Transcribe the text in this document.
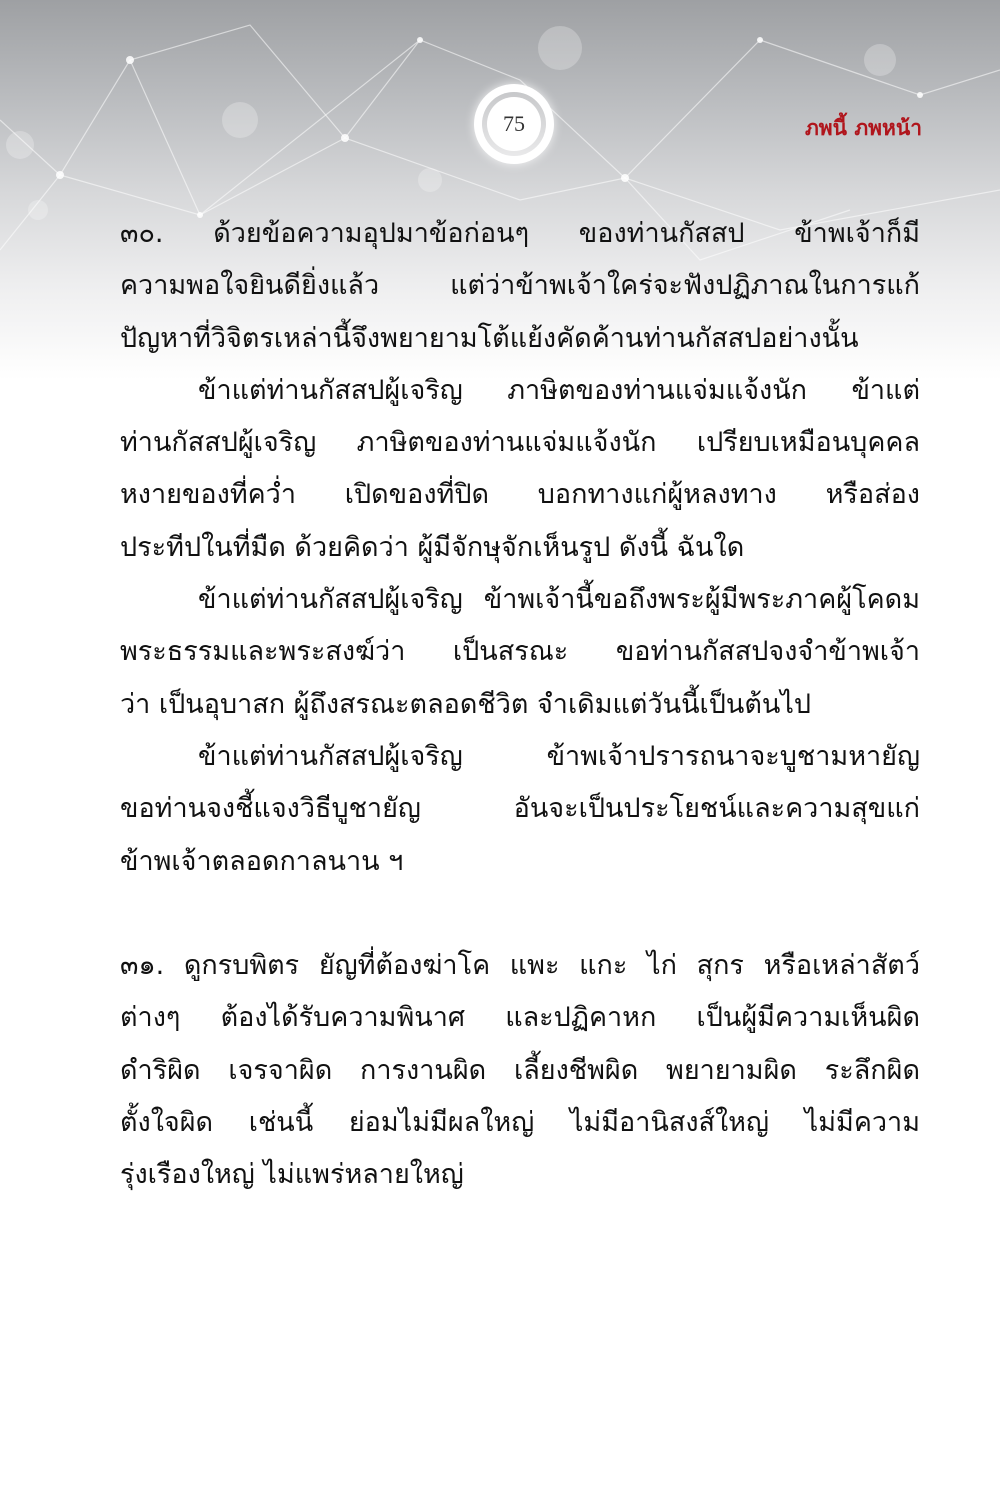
75	ภพนี้ ภพหน้า
๓๐. ด้วยข้อความอุปมาข้อก่อนๆ ของท่านกัสสป ข้าพเจ้าก็มี
ความพอใจยินดียิ่งแล้ว แต่ว่าข้าพเจ้าใคร่จะฟังปฏิภาณในการแก้
ปัญหาที่วิจิตรเหล่านี้จึงพยายามโต้แย้งคัดค้านท่านกัสสปอย่างนั้น
ข้าแต่ท่านกัสสปผู้เจริญ ภาษิตของท่านแจ่มแจ้งนัก ข้าแต่
ท่านกัสสปผู้เจริญ ภาษิตของท่านแจ่มแจ้งนัก เปรียบเหมือนบุคคล
หงายของที่คว่ำ เปิดของที่ปิด บอกทางแก่ผู้หลงทาง หรือส่อง
ประทีปในที่มืด ด้วยคิดว่า ผู้มีจักษุจักเห็นรูป ดังนี้ ฉันใด
ข้าแต่ท่านกัสสปผู้เจริญ ข้าพเจ้านี้ขอถึงพระผู้มีพระภาคผู้โคดม
พระธรรมและพระสงฆ์ว่า เป็นสรณะ ขอท่านกัสสปจงจำข้าพเจ้า
ว่า เป็นอุบาสก ผู้ถึงสรณะตลอดชีวิต จำเดิมแต่วันนี้เป็นต้นไป
ข้าแต่ท่านกัสสปผู้เจริญ ข้าพเจ้าปรารถนาจะบูชามหายัญ
ขอท่านจงชี้แจงวิธีบูชายัญ อันจะเป็นประโยชน์และความสุขแก่
ข้าพเจ้าตลอดกาลนาน ฯ
๓๑. ดูกรบพิตร ยัญที่ต้องฆ่าโค แพะ แกะ ไก่ สุกร หรือเหล่าสัตว์
ต่างๆ ต้องได้รับความพินาศ และปฏิคาหก เป็นผู้มีความเห็นผิด
ดำริผิด เจรจาผิด การงานผิด เลี้ยงชีพผิด พยายามผิด ระลึกผิด
ตั้งใจผิด เช่นนี้ ย่อมไม่มีผลใหญ่ ไม่มีอานิสงส์ใหญ่ ไม่มีความ
รุ่งเรืองใหญ่ ไม่แพร่หลายใหญ่
